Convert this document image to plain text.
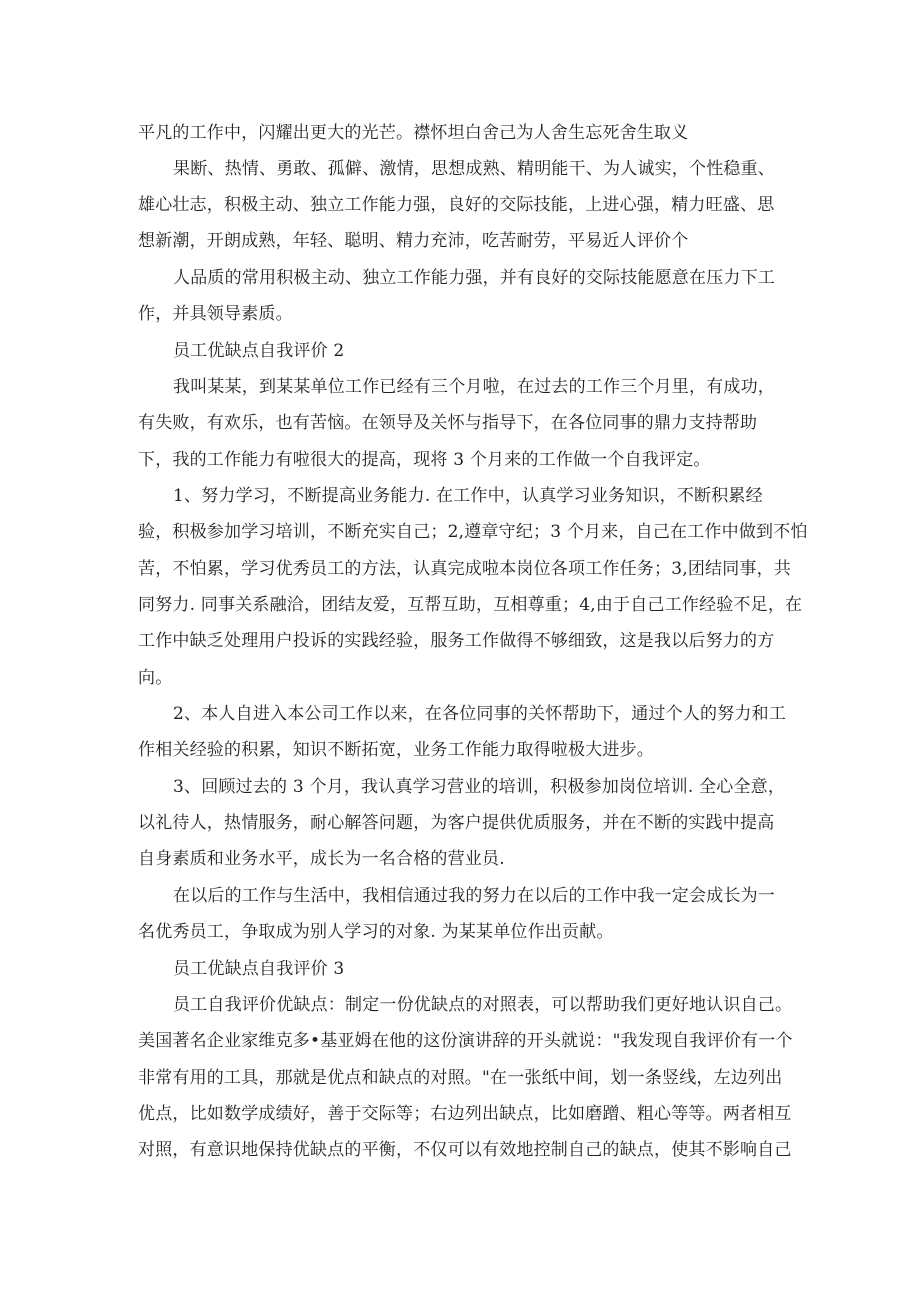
平凡的工作中，闪耀出更大的光芒。襟怀坦白舍己为人舍生忘死舍生取义
果断、热情、勇敢、孤僻、激情，思想成熟、精明能干、为人诚实，个性稳重、
雄心壮志，积极主动、独立工作能力强，良好的交际技能，上进心强，精力旺盛、思
想新潮，开朗成熟，年轻、聪明、精力充沛，吃苦耐劳，平易近人评价个
人品质的常用积极主动、独立工作能力强，并有良好的交际技能愿意在压力下工
作，并具领导素质。
员工优缺点自我评价 2
我叫某某，到某某单位工作已经有三个月啦，在过去的工作三个月里，有成功，
有失败，有欢乐，也有苦恼。在领导及关怀与指导下，在各位同事的鼎力支持帮助
下，我的工作能力有啦很大的提高，现将 3 个月来的工作做一个自我评定。
1、努力学习，不断提高业务能力. 在工作中，认真学习业务知识，不断积累经
验，积极参加学习培训，不断充实自己；2,遵章守纪；3 个月来，自己在工作中做到不怕
苦，不怕累，学习优秀员工的方法，认真完成啦本岗位各项工作任务；3,团结同事，共
同努力. 同事关系融洽，团结友爱，互帮互助，互相尊重；4,由于自己工作经验不足，在
工作中缺乏处理用户投诉的实践经验，服务工作做得不够细致，这是我以后努力的方
向。
2、本人自进入本公司工作以来，在各位同事的关怀帮助下，通过个人的努力和工
作相关经验的积累，知识不断拓宽，业务工作能力取得啦极大进步。
3、回顾过去的 3 个月，我认真学习营业的培训，积极参加岗位培训. 全心全意，
以礼待人，热情服务，耐心解答问题，为客户提供优质服务，并在不断的实践中提高
自身素质和业务水平，成长为一名合格的营业员.
在以后的工作与生活中，我相信通过我的努力在以后的工作中我一定会成长为一
名优秀员工，争取成为别人学习的对象. 为某某单位作出贡献。
员工优缺点自我评价 3
员工自我评价优缺点：制定一份优缺点的对照表，可以帮助我们更好地认识自己。
美国著名企业家维克多•基亚姆在他的这份演讲辞的开头就说："我发现自我评价有一个
非常有用的工具，那就是优点和缺点的对照。"在一张纸中间，划一条竖线，左边列出
优点，比如数学成绩好，善于交际等；右边列出缺点，比如磨蹭、粗心等等。两者相互
对照，有意识地保持优缺点的平衡，不仅可以有效地控制自己的缺点，使其不影响自己
